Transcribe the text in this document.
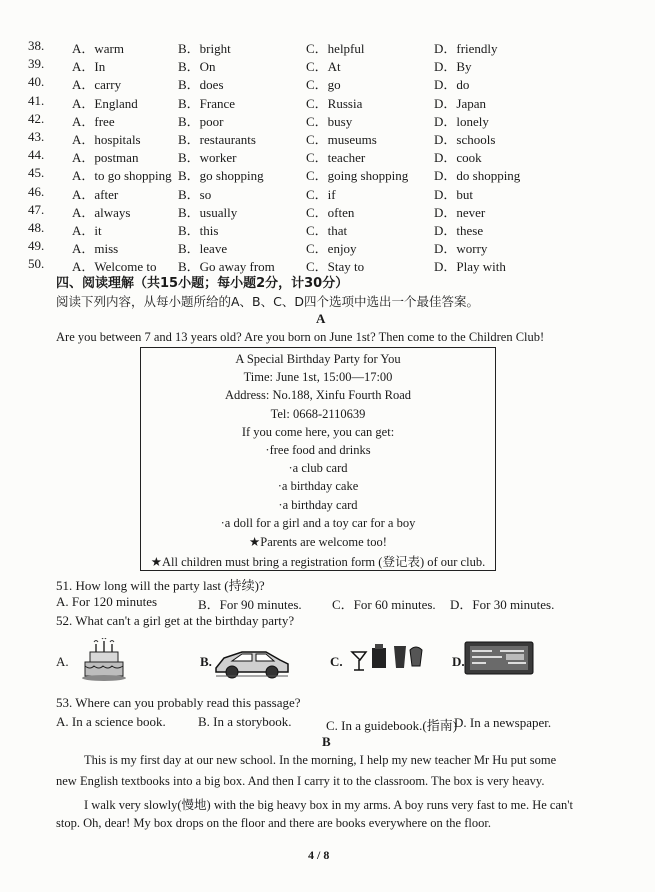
38.	A．warm	B．bright	C．helpful	D．friendly
39.	A．In	B．On	C．At	D．By
40.	A．carry	B．does	C．go	D．do
41.	A．England	B．France	C．Russia	D．Japan
42.	A．free	B．poor	C．busy	D．lonely
43.	A．hospitals	B．restaurants	C．museums	D．schools
44.	A．postman	B．worker	C．teacher	D．cook
45.	A．to go shopping B．go shopping	C．going shopping D．do shopping
46.	A．after	B．so	C．if	D．but
47.	A．always	B．usually	C．often	D．never
48.	A．it	B．this	C．that	D．these
49.	A．miss	B．leave	C．enjoy	D．worry
50.	A．Welcome to B．Go away from C．Stay to	D．Play with
四、阅读理解（共15小题；每小题2分，计30分）
阅读下列内容，从每小题所给的A、B、C、D四个选项中选出一个最佳答案。
A
Are you between 7 and 13 years old? Are you born on June 1st? Then come to the Children Club!
A Special Birthday Party for You
Time: June 1st, 15:00—17:00
Address: No.188, Xinfu Fourth Road
Tel: 0668-2110639
If you come here, you can get:
·free food and drinks
·a club card
·a birthday cake
·a birthday card
·a doll for a girl and a toy car for a boy
★Parents are welcome too!
★All children must bring a registration form (登记表) of our club.
51. How long will the party last (持续)?
A. For 120 minutes	B．For 90 minutes. C．For 60 minutes. D．For 30 minutes.
52. What can't a girl get at the birthday party?
A.	B.	C.	D.
53. Where can you probably read this passage?
A. In a science book. B. In a storybook.	C. In a guidebook.(指南)
D. In a newspaper.
B
This is my first day at our new school. In the morning, I help my new teacher Mr Hu put some
new English textbooks into a big box. And then I carry it to the classroom. The box is very heavy.
I walk very slowly(慢地) with the big heavy box in my arms. A boy runs very fast to me. He can't
stop. Oh, dear! My box drops on the floor and there are books everywhere on the floor.
4 / 8
